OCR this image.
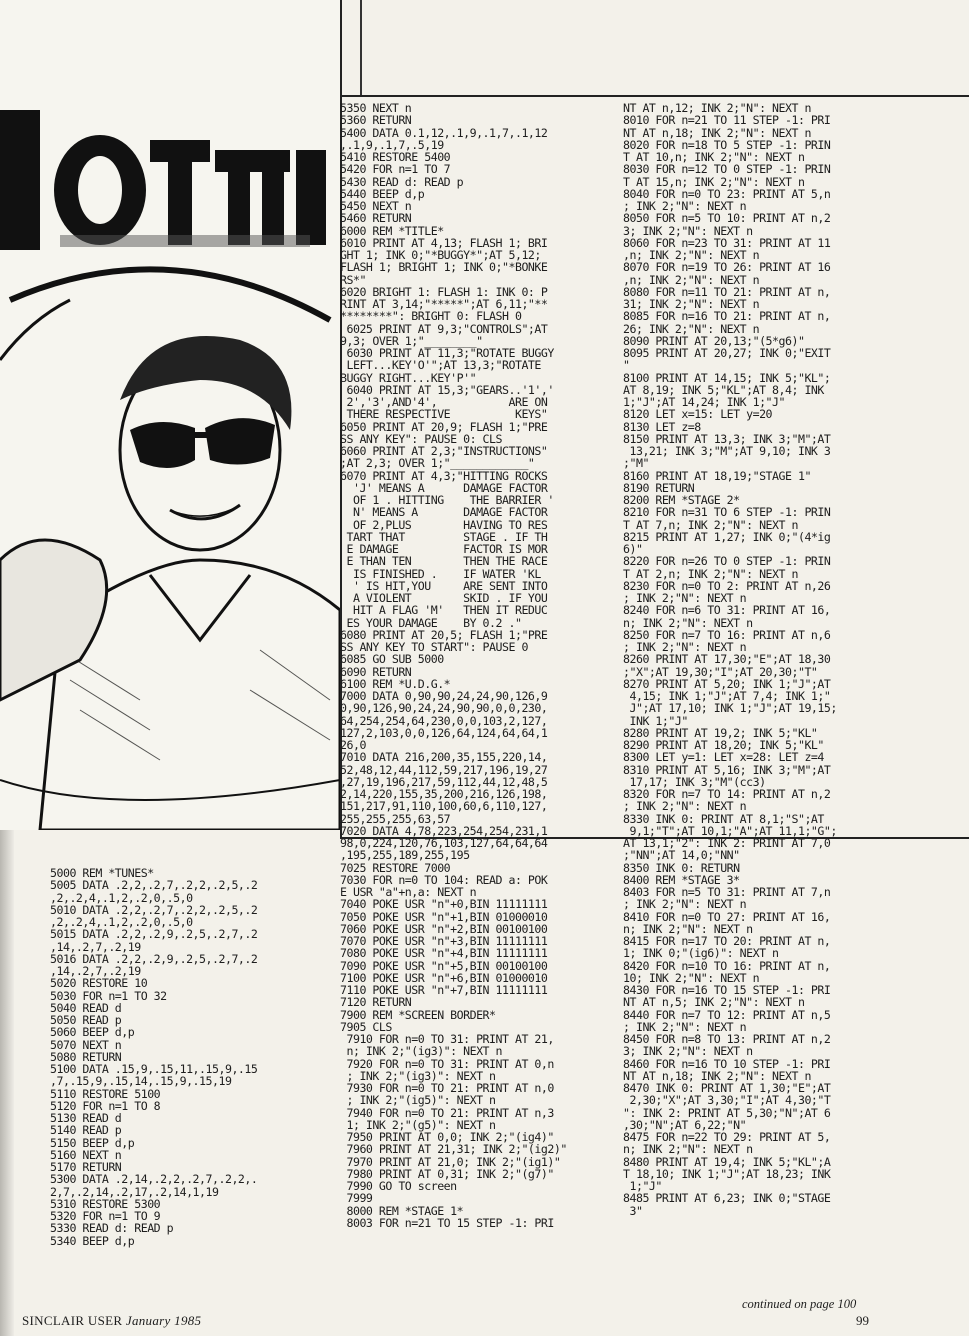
5000 REM *TUNES*
5005 DATA .2,2,.2,7,.2,2,.2,5,.2
,2,.2,4,.1,2,.2,0,.5,0
5010 DATA .2,2,.2,7,.2,2,.2,5,.2
,2,.2,4,.1,2,.2,0,.5,0
5015 DATA .2,2,.2,9,.2,5,.2,7,.2
,14,.2,7,.2,19
5016 DATA .2,2,.2,9,.2,5,.2,7,.2
,14,.2,7,.2,19
5020 RESTORE 10
5030 FOR n=1 TO 32
5040 READ d
5050 READ p
5060 BEEP d,p
5070 NEXT n
5080 RETURN
5100 DATA .15,9,.15,11,.15,9,.15
,7,.15,9,.15,14,.15,9,.15,19
5110 RESTORE 5100
5120 FOR n=1 TO 8
5130 READ d
5140 READ p
5150 BEEP d,p
5160 NEXT n
5170 RETURN
5300 DATA .2,14,.2,2,.2,7,.2,2,.
2,7,.2,14,.2,17,.2,14,1,19
5310 RESTORE 5300
5320 FOR n=1 TO 9
5330 READ d: READ p
5340 BEEP d,p
5350 NEXT n
5360 RETURN
5400 DATA 0.1,12,.1,9,.1,7,.1,12
,.1,9,.1,7,.5,19
5410 RESTORE 5400
5420 FOR n=1 TO 7
5430 READ d: READ p
5440 BEEP d,p
5450 NEXT n
5460 RETURN
6000 REM *TITLE*
6010 PRINT AT 4,13; FLASH 1; BRI
GHT 1; INK 0;"*BUGGY*";AT 5,12;
FLASH 1; BRIGHT 1; INK 0;"*BONKE
RS*"
6020 BRIGHT 1: FLASH 1: INK 0: P
RINT AT 3,14;"*****";AT 6,11;"**
********": BRIGHT 0: FLASH 0
6025 PRINT AT 9,3;"CONTROLS";AT
9,3; OVER 1;"________"
6030 PRINT AT 11,3;"ROTATE BUGGY
LEFT...KEY'O'";AT 13,3;"ROTATE
BUGGY RIGHT...KEY'P'"
6040 PRINT AT 15,3;"GEARS..'1','
2','3',AND'4',           ARE ON
THERE RESPECTIVE          KEYS"
6050 PRINT AT 20,9; FLASH 1;"PRE
SS ANY KEY": PAUSE 0: CLS
6060 PRINT AT 2,3;"INSTRUCTIONS"
;AT 2,3; OVER 1;"____________"
6070 PRINT AT 4,3;"HITTING ROCKS
'J' MEANS A      DAMAGE FACTOR
OF 1 . HITTING    THE BARRIER '
N' MEANS A       DAMAGE FACTOR
OF 2,PLUS        HAVING TO RES
TART THAT         STAGE . IF TH
E DAMAGE          FACTOR IS MOR
E THAN TEN        THEN THE RACE
IS FINISHED .    IF WATER 'KL
' IS HIT,YOU     ARE SENT INTO
A VIOLENT        SKID . IF YOU
HIT A FLAG 'M'   THEN IT REDUC
ES YOUR DAMAGE    BY 0.2 ."
6080 PRINT AT 20,5; FLASH 1;"PRE
SS ANY KEY TO START": PAUSE 0
6085 GO SUB 5000
6090 RETURN
6100 REM *U.D.G.*
7000 DATA 0,90,90,24,24,90,126,9
0,90,126,90,24,24,90,90,0,0,230,
64,254,254,64,230,0,0,103,2,127,
127,2,103,0,0,126,64,124,64,64,1
26,0
7010 DATA 216,200,35,155,220,14,
52,48,12,44,112,59,217,196,19,27
,27,19,196,217,59,112,44,12,48,5
2,14,220,155,35,200,216,126,198,
151,217,91,110,100,60,6,110,127,
255,255,255,63,57
7020 DATA 4,78,223,254,254,231,1
98,0,224,120,76,103,127,64,64,64
,195,255,189,255,195
7025 RESTORE 7000
7030 FOR n=0 TO 104: READ a: POK
E USR "a"+n,a: NEXT n
7040 POKE USR "n"+0,BIN 11111111
7050 POKE USR "n"+1,BIN 01000010
7060 POKE USR "n"+2,BIN 00100100
7070 POKE USR "n"+3,BIN 11111111
7080 POKE USR "n"+4,BIN 11111111
7090 POKE USR "n"+5,BIN 00100100
7100 POKE USR "n"+6,BIN 01000010
7110 POKE USR "n"+7,BIN 11111111
7120 RETURN
7900 REM *SCREEN BORDER*
7905 CLS
7910 FOR n=0 TO 31: PRINT AT 21,
n; INK 2;"(ig3)": NEXT n
7920 FOR n=0 TO 31: PRINT AT 0,n
; INK 2;"(ig3)": NEXT n
7930 FOR n=0 TO 21: PRINT AT n,0
; INK 2;"(ig5)": NEXT n
7940 FOR n=0 TO 21: PRINT AT n,3
1; INK 2;"(g5)": NEXT n
7950 PRINT AT 0,0; INK 2;"(ig4)"
7960 PRINT AT 21,31; INK 2;"(ig2)"
7970 PRINT AT 21,0; INK 2;"(ig1)"
7980 PRINT AT 0,31; INK 2;"(g7)"
7990 GO TO screen
7999
8000 REM *STAGE 1*
8003 FOR n=21 TO 15 STEP -1: PRI
NT AT n,12; INK 2;"N": NEXT n
8010 FOR n=21 TO 11 STEP -1: PRI
NT AT n,18; INK 2;"N": NEXT n
8020 FOR n=18 TO 5 STEP -1: PRIN
T AT 10,n; INK 2;"N": NEXT n
8030 FOR n=12 TO 0 STEP -1: PRIN
T AT 15,n; INK 2;"N": NEXT n
8040 FOR n=0 TO 23: PRINT AT 5,n
; INK 2;"N": NEXT n
8050 FOR n=5 TO 10: PRINT AT n,2
3; INK 2;"N": NEXT n
8060 FOR n=23 TO 31: PRINT AT 11
,n; INK 2;"N": NEXT n
8070 FOR n=19 TO 26: PRINT AT 16
,n; INK 2;"N": NEXT n
8080 FOR n=11 TO 21: PRINT AT n,
31; INK 2;"N": NEXT n
8085 FOR n=16 TO 21: PRINT AT n,
26; INK 2;"N": NEXT n
8090 PRINT AT 20,13;"(5*g6)"
8095 PRINT AT 20,27; INK 0;"EXIT
"
8100 PRINT AT 14,15; INK 5;"KL";
AT 8,19; INK 5;"KL";AT 8,4; INK
1;"J";AT 14,24; INK 1;"J"
8120 LET x=15: LET y=20
8130 LET z=8
8150 PRINT AT 13,3; INK 3;"M";AT
13,21; INK 3;"M";AT 9,10; INK 3
;"M"
8160 PRINT AT 18,19;"STAGE 1"
8190 RETURN
8200 REM *STAGE 2*
8210 FOR n=31 TO 6 STEP -1: PRIN
T AT 7,n; INK 2;"N": NEXT n
8215 PRINT AT 1,27; INK 0;"(4*ig
6)"
8220 FOR n=26 TO 0 STEP -1: PRIN
T AT 2,n; INK 2;"N": NEXT n
8230 FOR n=0 TO 2: PRINT AT n,26
; INK 2;"N": NEXT n
8240 FOR n=6 TO 31: PRINT AT 16,
n; INK 2;"N": NEXT n
8250 FOR n=7 TO 16: PRINT AT n,6
; INK 2;"N": NEXT n
8260 PRINT AT 17,30;"E";AT 18,30
;"X";AT 19,30;"I";AT 20,30;"T"
8270 PRINT AT 5,20; INK 1;"J";AT
4,15; INK 1;"J";AT 7,4; INK 1;"
J";AT 17,10; INK 1;"J";AT 19,15;
INK 1;"J"
8280 PRINT AT 19,2; INK 5;"KL"
8290 PRINT AT 18,20; INK 5;"KL"
8300 LET y=1: LET x=28: LET z=4
8310 PRINT AT 5,16; INK 3;"M";AT
17,17; INK 3;"M"(cc3)
8320 FOR n=7 TO 14: PRINT AT n,2
; INK 2;"N": NEXT n
8330 INK 0: PRINT AT 8,1;"S";AT
9,1;"T";AT 10,1;"A";AT 11,1;"G";
AT 13,1;"2": INK 2: PRINT AT 7,0
;"NN";AT 14,0;"NN"
8350 INK 0: RETURN
8400 REM *STAGE 3*
8403 FOR n=5 TO 31: PRINT AT 7,n
; INK 2;"N": NEXT n
8410 FOR n=0 TO 27: PRINT AT 16,
n; INK 2;"N": NEXT n
8415 FOR n=17 TO 20: PRINT AT n,
1; INK 0;"(ig6)": NEXT n
8420 FOR n=10 TO 16: PRINT AT n,
10; INK 2;"N": NEXT n
8430 FOR n=16 TO 15 STEP -1: PRI
NT AT n,5; INK 2;"N": NEXT n
8440 FOR n=7 TO 12: PRINT AT n,5
; INK 2;"N": NEXT n
8450 FOR n=8 TO 13: PRINT AT n,2
3; INK 2;"N": NEXT n
8460 FOR n=16 TO 10 STEP -1: PRI
NT AT n,18; INK 2;"N": NEXT n
8470 INK 0: PRINT AT 1,30;"E";AT
2,30;"X";AT 3,30;"I";AT 4,30;"T
": INK 2: PRINT AT 5,30;"N";AT 6
,30;"N";AT 6,22;"N"
8475 FOR n=22 TO 29: PRINT AT 5,
n; INK 2;"N": NEXT n
8480 PRINT AT 19,4; INK 5;"KL";A
T 18,10; INK 1;"J";AT 18,23; INK
1;"J"
8485 PRINT AT 6,23; INK 0;"STAGE
3"
continued on page 100
SINCLAIR USER January 1985	99
